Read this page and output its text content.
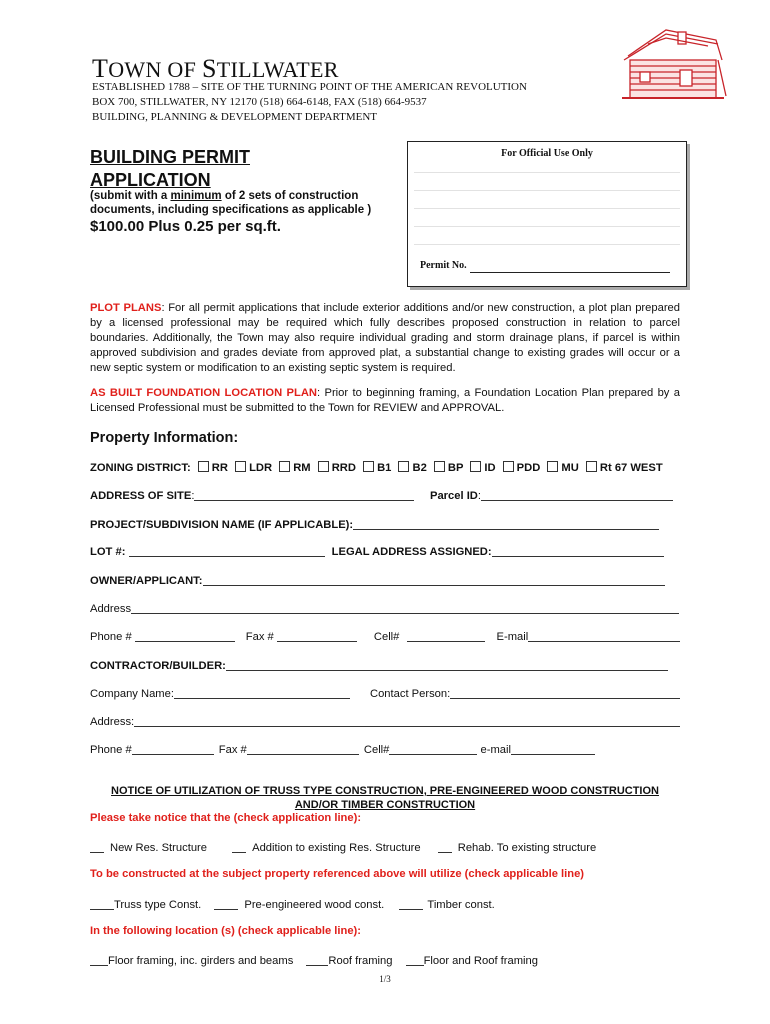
TOWN OF STILLWATER
ESTABLISHED 1788 – SITE OF THE TURNING POINT OF THE AMERICAN REVOLUTION
BOX 700, STILLWATER, NY 12170 (518) 664-6148, FAX (518) 664-9537
BUILDING, PLANNING & DEVELOPMENT DEPARTMENT
BUILDING PERMIT APPLICATION
(submit with a minimum of 2 sets of construction documents, including specifications as applicable )
$100.00 Plus 0.25 per sq.ft.
For Official Use Only
Permit No.
PLOT PLANS: For all permit applications that include exterior additions and/or new construction, a plot plan prepared by a licensed professional may be required which fully describes proposed construction in relation to parcel boundaries. Additionally, the Town may also require individual grading and storm drainage plans, if parcel is within approved subdivision and grades deviate from approved plat, a substantial change to existing grades will occur or a new septic system or modification to an existing septic system is required.
AS BUILT FOUNDATION LOCATION PLAN: Prior to beginning framing, a Foundation Location Plan prepared by a Licensed Professional must be submitted to the Town for REVIEW and APPROVAL.
Property Information:
ZONING DISTRICT: RR LDR RM RRD B1 B2 BP ID PDD MU Rt 67 WEST
ADDRESS OF SITE:	Parcel ID:
PROJECT/SUBDIVISION NAME (IF APPLICABLE):
LOT #:	LEGAL ADDRESS ASSIGNED:
OWNER/APPLICANT:
Address
Phone #	Fax #	Cell#	E-mail
CONTRACTOR/BUILDER:
Company Name:	Contact Person:
Address:
Phone #	Fax #	Cell#	e-mail
NOTICE OF UTILIZATION OF TRUSS TYPE CONSTRUCTION, PRE-ENGINEERED WOOD CONSTRUCTION
AND/OR TIMBER CONSTRUCTION
Please take notice that the (check application line):
New Res. Structure	Addition to existing Res. Structure	Rehab. To existing structure
To be constructed at the subject property referenced above will utilize (check applicable line)
Truss type Const.	Pre-engineered wood const.	Timber const.
In the following location (s) (check applicable line):
Floor framing, inc. girders and beams	Roof framing	Floor and Roof framing
1/3
